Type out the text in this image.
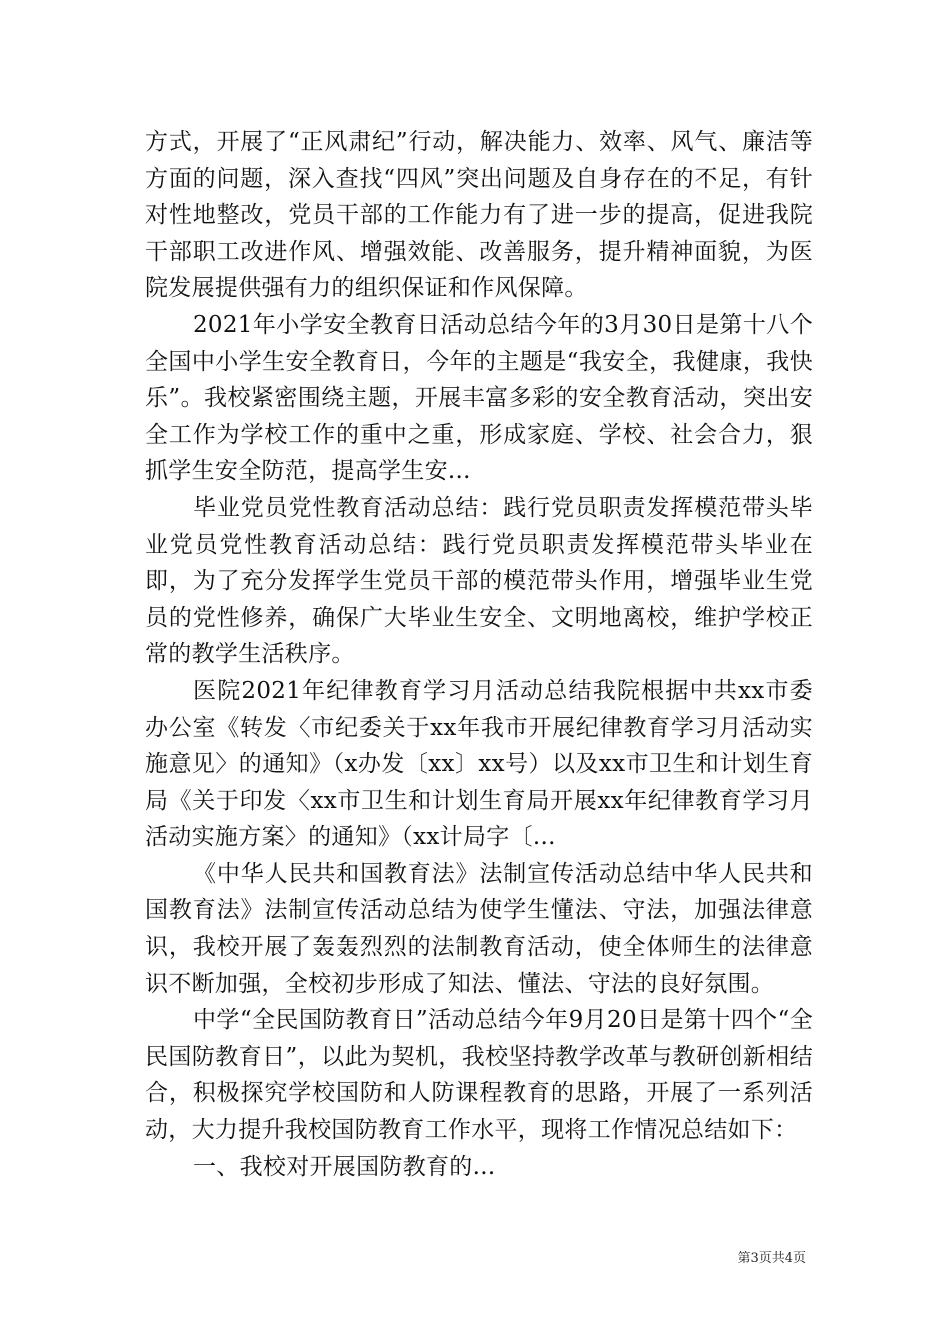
方式，开展了“正风肃纪”行动，解决能力、效率、风气、廉洁等方面的问题，深入查找“四风”突出问题及自身存在的不足，有针对性地整改，党员干部的工作能力有了进一步的提高，促进我院干部职工改进作风、增强效能、改善服务，提升精神面貌，为医院发展提供强有力的组织保证和作风保障。

2021年小学安全教育日活动总结今年的3月30日是第十八个全国中小学生安全教育日，今年的主题是“我安全，我健康，我快乐”。我校紧密围绕主题，开展丰富多彩的安全教育活动，突出安全工作为学校工作的重中之重，形成家庭、学校、社会合力，狠抓学生安全防范，提高学生安...

毕业党员党性教育活动总结：践行党员职责发挥模范带头毕业党员党性教育活动总结：践行党员职责发挥模范带头毕业在即，为了充分发挥学生党员干部的模范带头作用，增强毕业生党员的党性修养，确保广大毕业生安全、文明地离校，维护学校正常的教学生活秩序。

医院2021年纪律教育学习月活动总结我院根据中共xx市委办公室《转发〈市纪委关于xx年我市开展纪律教育学习月活动实施意见〉的通知》（x办发〔xx〕xx号）以及xx市卫生和计划生育局《关于印发〈xx市卫生和计划生育局开展xx年纪律教育学习月活动实施方案〉的通知》（xx计局字〔...

《中华人民共和国教育法》法制宣传活动总结中华人民共和国教育法》法制宣传活动总结为使学生懂法、守法，加强法律意识，我校开展了轰轰烈烈的法制教育活动，使全体师生的法律意识不断加强，全校初步形成了知法、懂法、守法的良好氛围。

中学“全民国防教育日”活动总结今年9月20日是第十四个“全民国防教育日”，以此为契机，我校坚持教学改革与教研创新相结合，积极探究学校国防和人防课程教育的思路，开展了一系列活动，大力提升我校国防教育工作水平，现将工作情况总结如下：

一、我校对开展国防教育的...

第3页共4页
